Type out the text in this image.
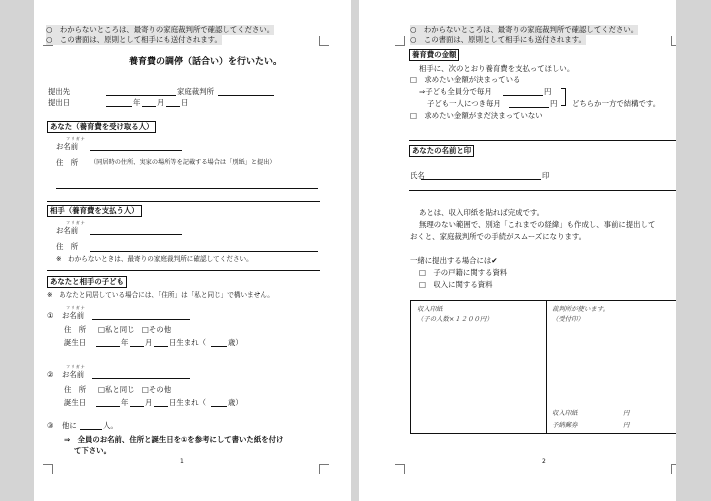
○　わからないところは、最寄りの家庭裁判所で確認してください。
○　この書面は、原則として相手にも送付されます。
養育費の調停（話合い）を行いたい。
提出先	家庭裁判所
提出日	年 月 日
あなた（養育費を受け取る人）
フリガナ
お名前
住　所 （同居時の住所、実家の場所等を記載する場合は「別紙」と提出）
相手（養育費を支払う人）
フリガナ
お名前
住　所
※　わからないときは、最寄りの家庭裁判所に確認してください。
あなたと相手の子ども
※　あなたと同居している場合には、「住所」は「私と同じ」で構いません。
①
フリガナ
お名前
住　所 □私と同じ　□その他
誕生日	年 月 日生まれ（	歳）
②
フリガナ
お名前
住　所 □私と同じ　□その他
誕生日	年 月 日生まれ（	歳）
③ 他に	人。
⇒　全員のお名前、住所と誕生日を①を参考にして書いた紙を付け
て下さい。
1
○　わからないところは、最寄りの家庭裁判所で確認してください。
○　この書面は、原則として相手にも送付されます。
養育費の金額
相手に、次のとおり養育費を支払ってほしい。
□　求めたい金額が決まっている
⇒子ども全員分で毎月	円
子ども一人につき毎月	円 どちらか一方で結構です。
□　求めたい金額がまだ決まっていない
あなたの名前と印
氏名	印
あとは、収入印紙を貼れば完成です。
無理のない範囲で、別途「これまでの経緯」も作成し、事前に提出して
おくと、家庭裁判所での手続がスムーズになります。
一緒に提出する場合には✔
□　子の戸籍に関する資料
□　収入に関する資料
収入印紙
（子の人数×１２００円）
裁判所が使います。
（受付印）
収入印紙	円
予納郵券	円
2
